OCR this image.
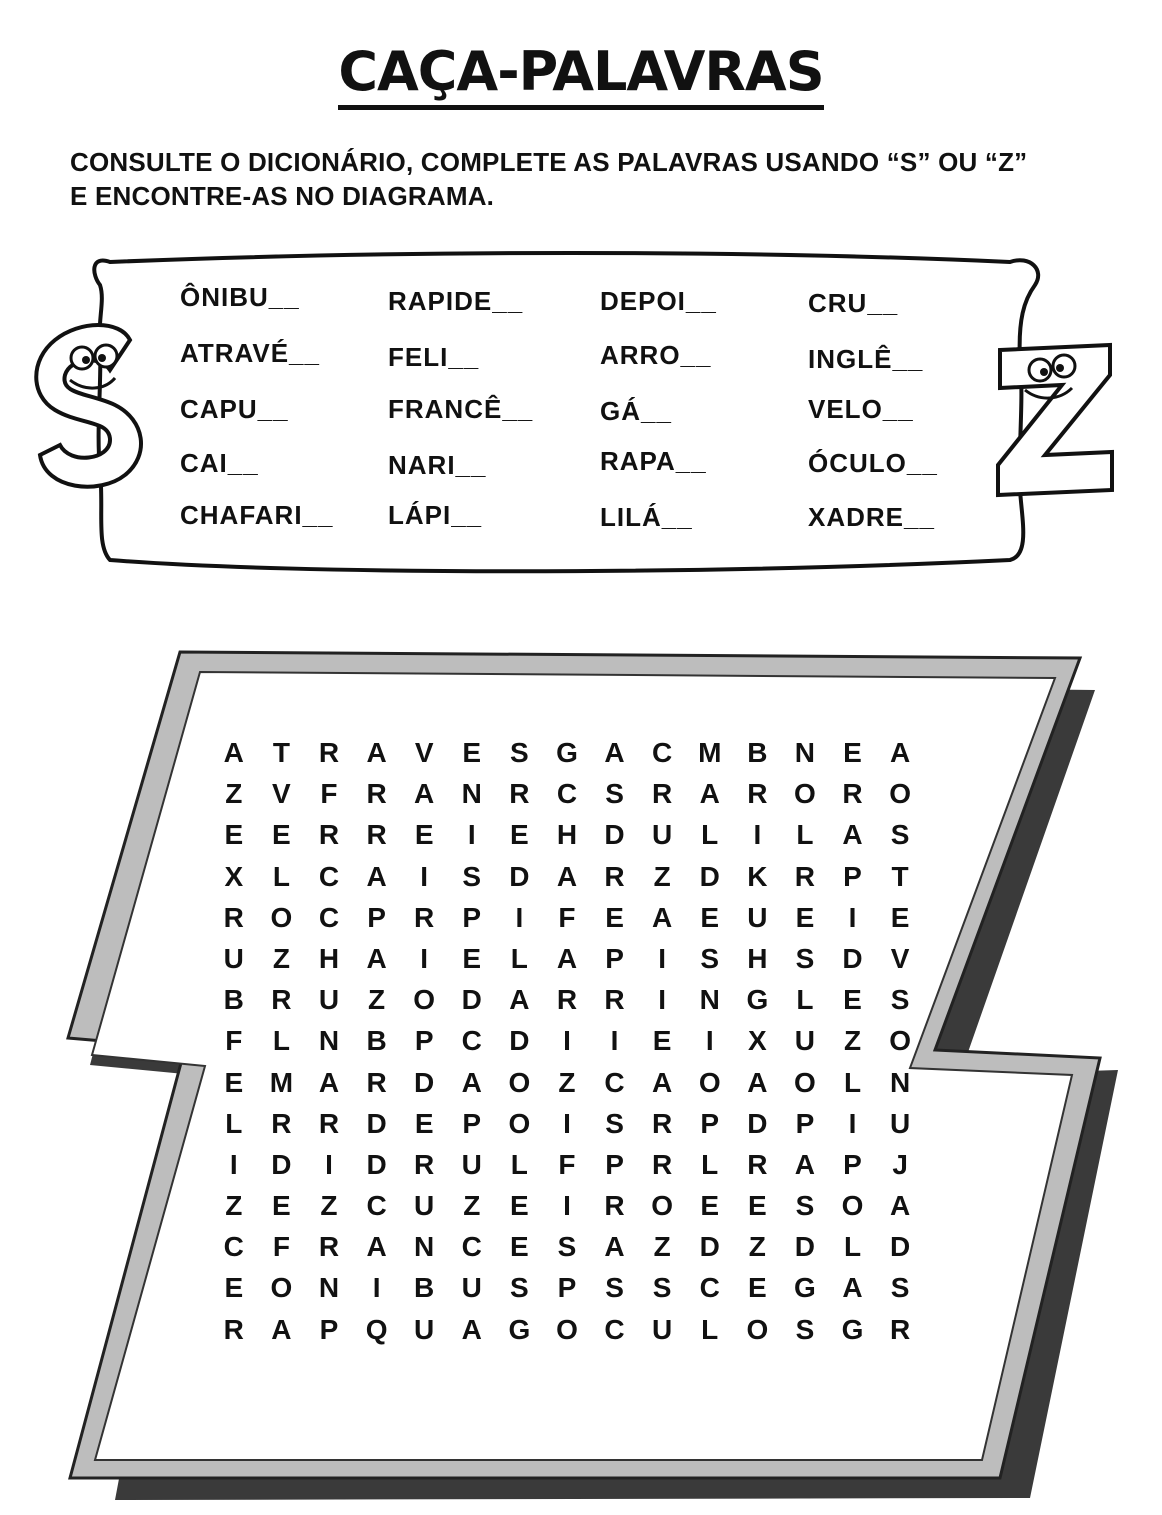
CAÇA-PALAVRAS
CONSULTE O DICIONÁRIO, COMPLETE AS PALAVRAS USANDO “S” OU “Z”
E ENCONTRE-AS NO DIAGRAMA.
ÔNIBU__
ATRAVÉ__
CAPU__
CAI__
CHAFARI__
RAPIDE__
FELI__
FRANCÊ__
NARI__
LÁPI__
DEPOI__
ARRO__
GÁ__
RAPA__
LILÁ__
CRU__
INGLÊ__
VELO__
ÓCULO__
XADRE__
A	T	R A	V	E	S G A C M B N	E	A
Z	V	F	R A N R C	S	R A R O R O
E	E	R R	E	I	E	H D U	L	I	L	A	S
X	L	C A	I	S	D A R	Z	D K R	P	T
R O C	P	R	P	I	F	E	A	E	U	E	I	E
U	Z	H A	I	E	L	A	P	I	S	H	S	D	V
B R U	Z	O D A R R	I	N G	L	E	S
F	L	N B	P	C D	I	I	E	I	X	U	Z	O
E M A R D A O	Z	C A O A O	L	N
L	R R D	E	P O	I	S	R	P	D	P	I	U
I	D	I	D R U	L	F	P	R	L	R A	P	J
Z	E	Z	C U	Z	E	I	R O E	E	S O A
C	F	R A N C	E	S	A	Z	D	Z	D	L	D
E O N	I	B U	S	P	S	S	C	E G A	S
R A	P Q U A G O C U	L	O S G R
